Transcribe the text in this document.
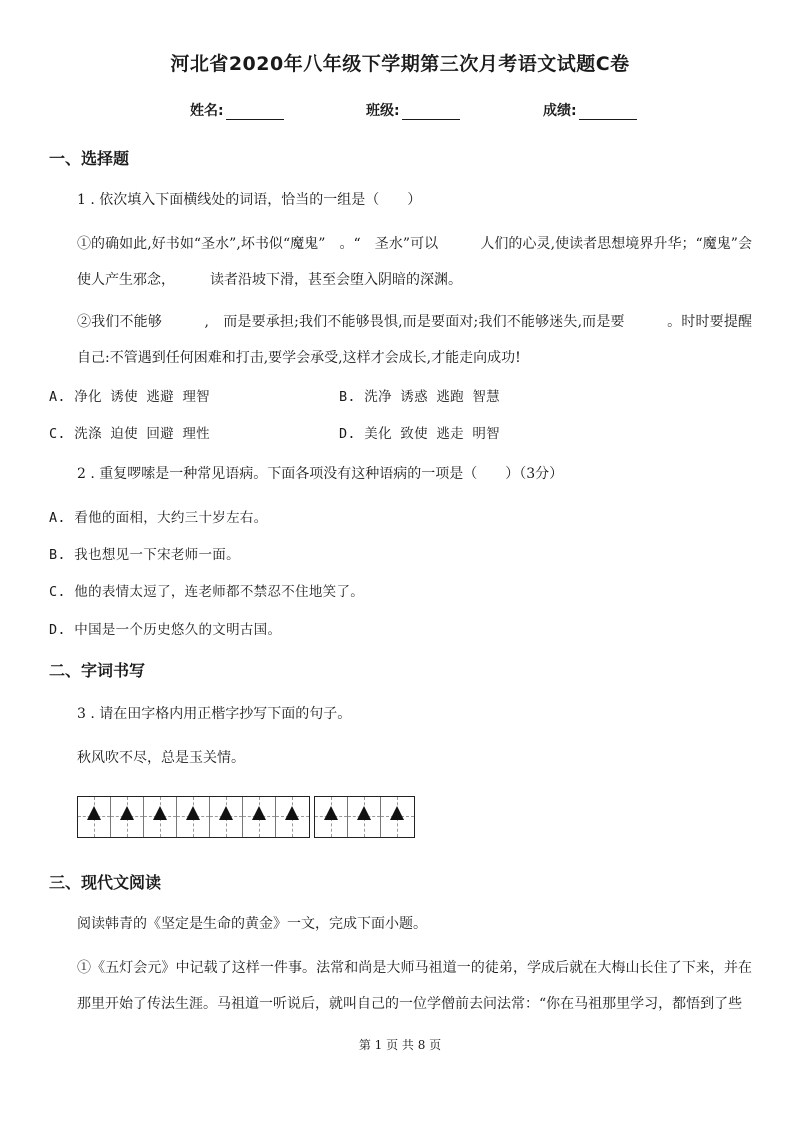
河北省2020年八年级下学期第三次月考语文试题C卷
姓名:	班级:	成绩:
一、选择题
1 . 依次填入下面横线处的词语，恰当的一组是（　　）
①的确如此,好书如“圣水”,坏书似“魔鬼”　。“　圣水”可以　　　人们的心灵,使读者思想境界升华；“魔鬼”会使人产生邪念，　　　读者沿坡下滑，甚至会堕入阴暗的深渊。
②我们不能够　　　,　而是要承担;我们不能够畏惧,而是要面对;我们不能够迷失,而是要　　　。时时要提醒自己:不管遇到任何困难和打击,要学会承受,这样才会成长,才能走向成功!
A. 净化 诱使 逃避 理智	B. 洗净 诱惑 逃跑 智慧
C. 洗涤 迫使 回避 理性	D. 美化 致使 逃走 明智
2 . 重复啰嗦是一种常见语病。下面各项没有这种语病的一项是（　　）（3分）
A. 看他的面相，大约三十岁左右。
B. 我也想见一下宋老师一面。
C. 他的表情太逗了，连老师都不禁忍不住地笑了。
D. 中国是一个历史悠久的文明古国。
二、字词书写
3 . 请在田字格内用正楷字抄写下面的句子。
秋风吹不尽，总是玉关情。
三、现代文阅读
阅读韩青的《坚定是生命的黄金》一文，完成下面小题。
①《五灯会元》中记载了这样一件事。法常和尚是大师马祖道一的徒弟，学成后就在大梅山长住了下来，并在那里开始了传法生涯。马祖道一听说后，就叫自己的一位学僧前去问法常：“你在马祖那里学习，都悟到了些
第 1 页 共 8 页
